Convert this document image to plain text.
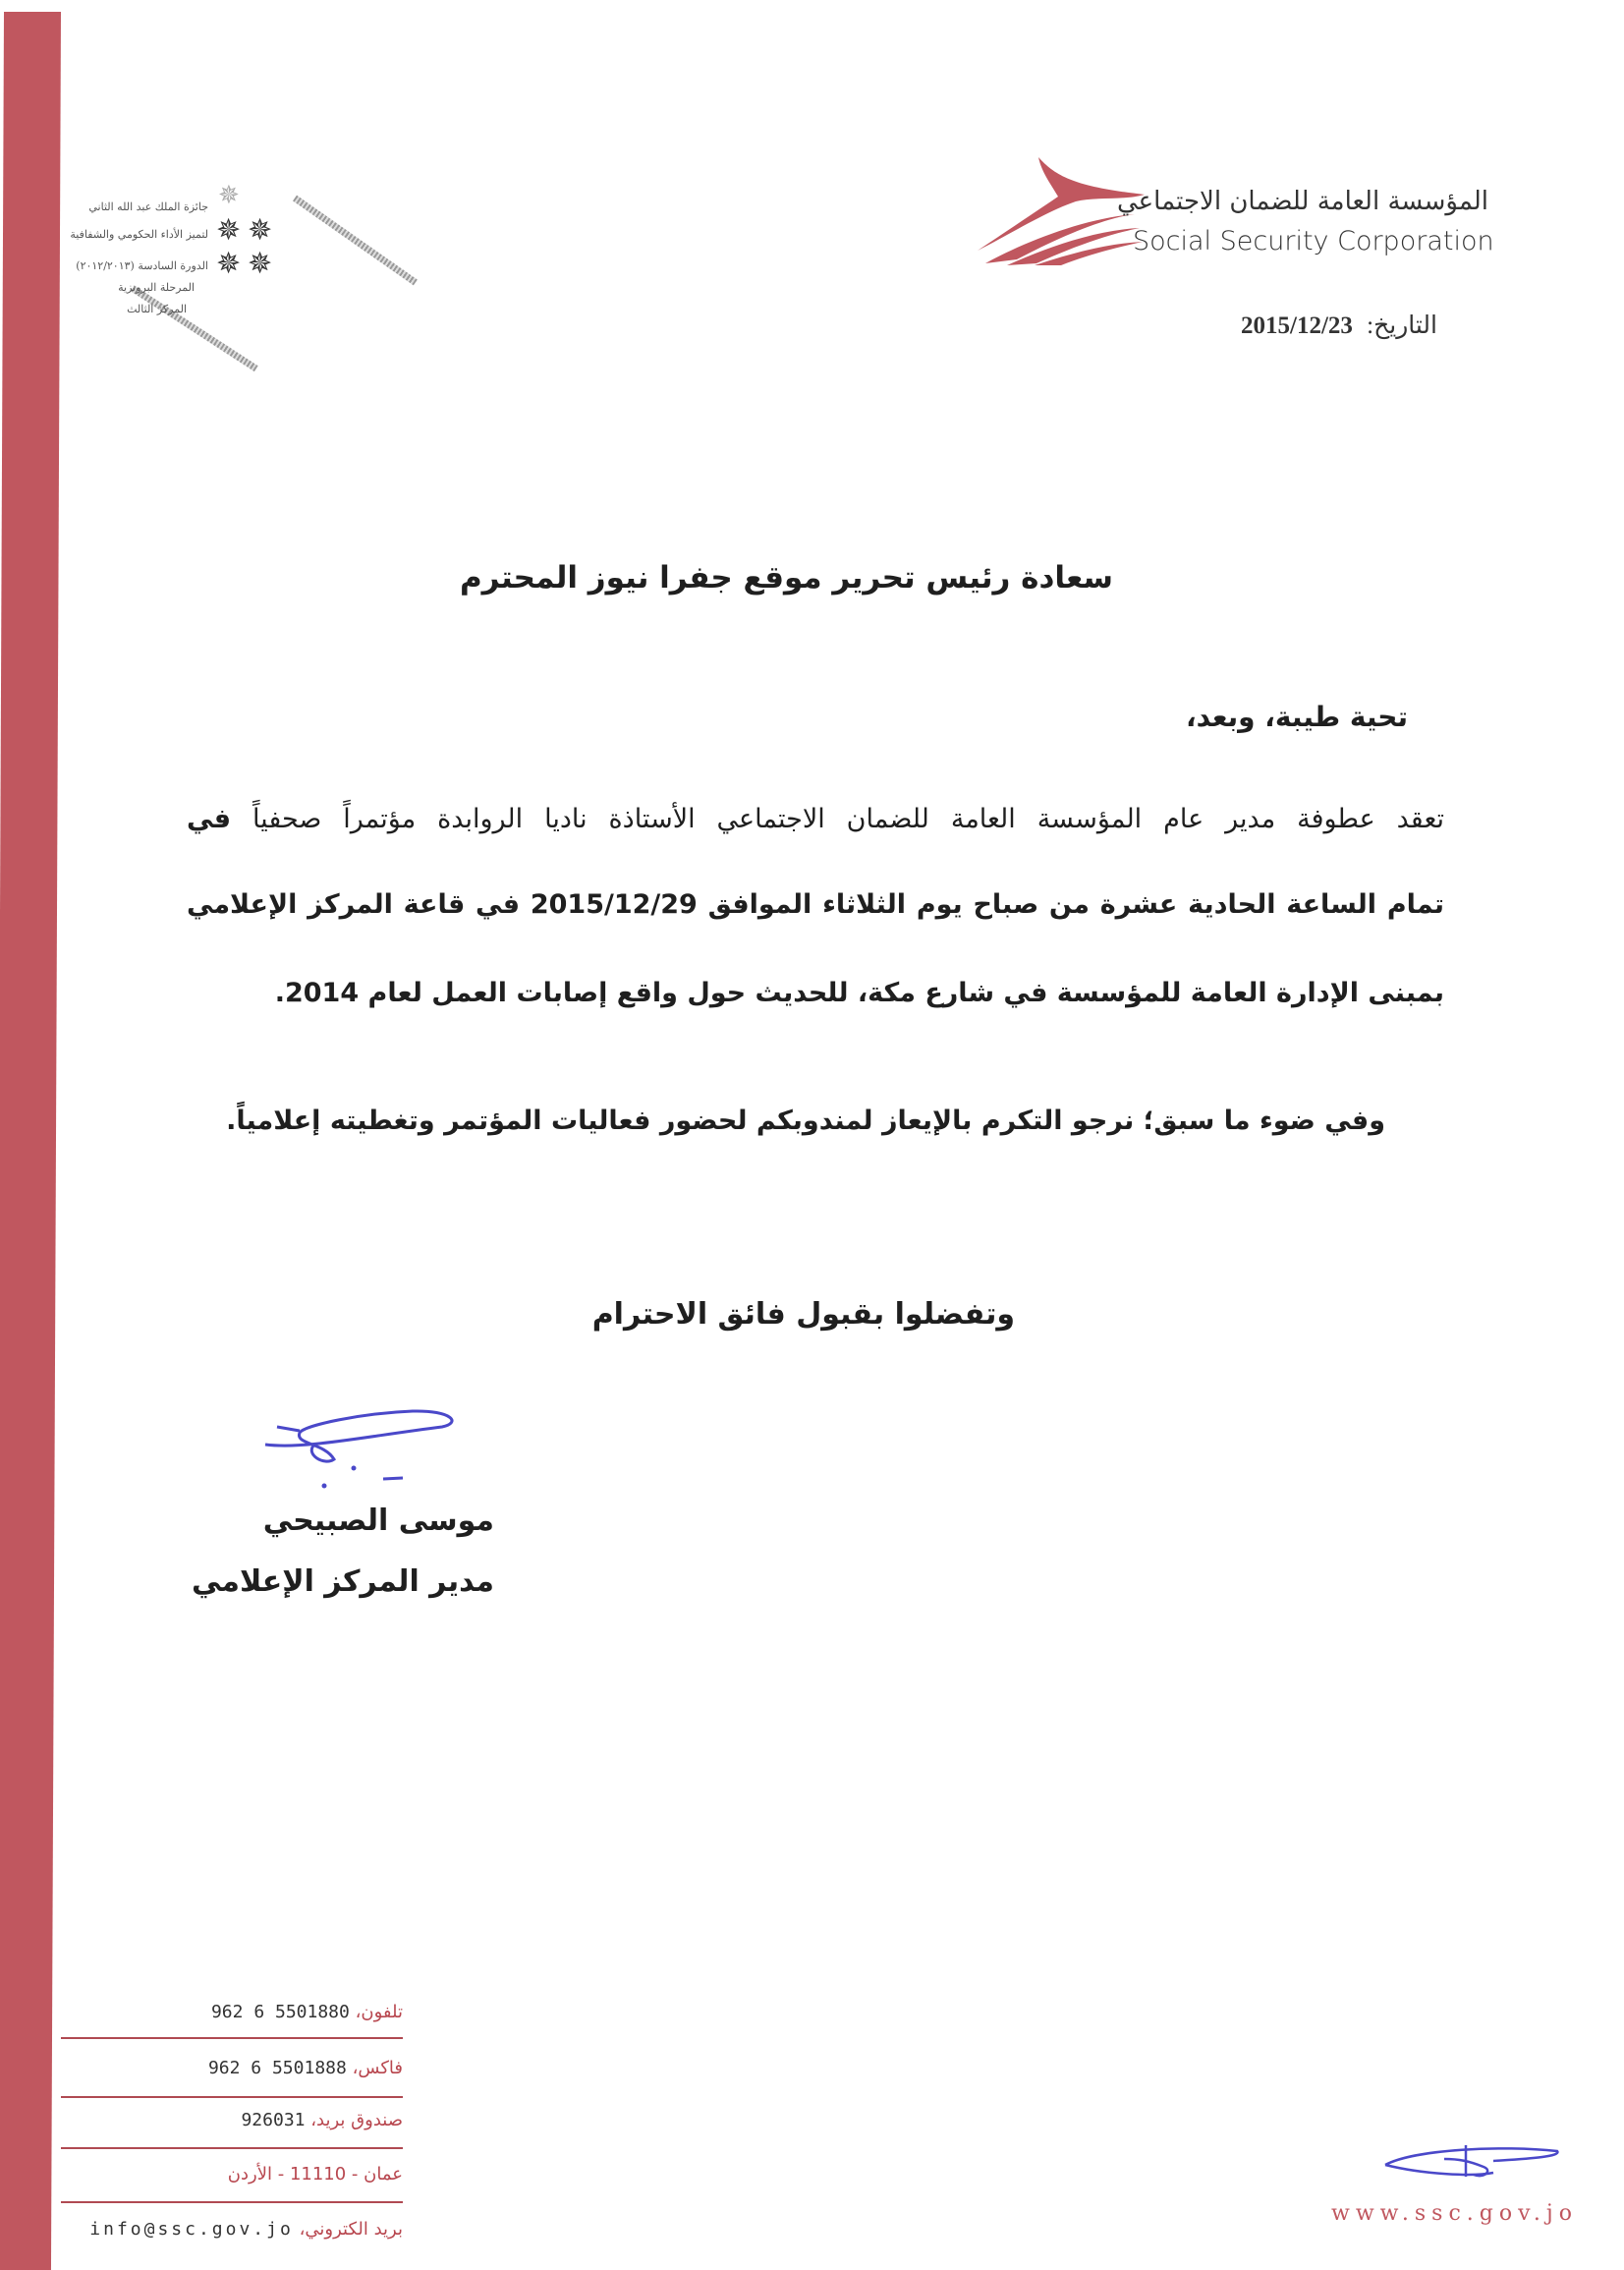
✵
✵ ✵
✵ ✵
جائزة الملك عبد الله الثاني
لتميز الأداء الحكومي والشفافية
الدورة السادسة (٢٠١٢/٢٠١٣)
المرحلة البرونزية
المركز الثالث
المؤسسة العامة للضمان الاجتماعي
Social Security Corporation
التاريخ: 2015/12/23
سعادة رئيس تحرير موقع جفرا نيوز المحترم
تحية طيبة، وبعد،
تعقد عطوفة مدير عام المؤسسة العامة للضمان الاجتماعي الأستاذة ناديا الروابدة مؤتمراً صحفياً في
تمام الساعة الحادية عشرة من صباح يوم الثلاثاء الموافق 2015/12/29 في قاعة المركز الإعلامي
بمبنى الإدارة العامة للمؤسسة في شارع مكة، للحديث حول واقع إصابات العمل لعام 2014.
وفي ضوء ما سبق؛ نرجو التكرم بالإيعاز لمندوبكم لحضور فعاليات المؤتمر وتغطيته إعلامياً.
وتفضلوا بقبول فائق الاحترام
موسى الصبيحي
مدير المركز الإعلامي
تلفون، 962 6 5501880
فاكس، 962 6 5501888
صندوق بريد، 926031
عمان - 11110 - الأردن
بريد الكتروني، info@ssc.gov.jo
www.ssc.gov.jo
